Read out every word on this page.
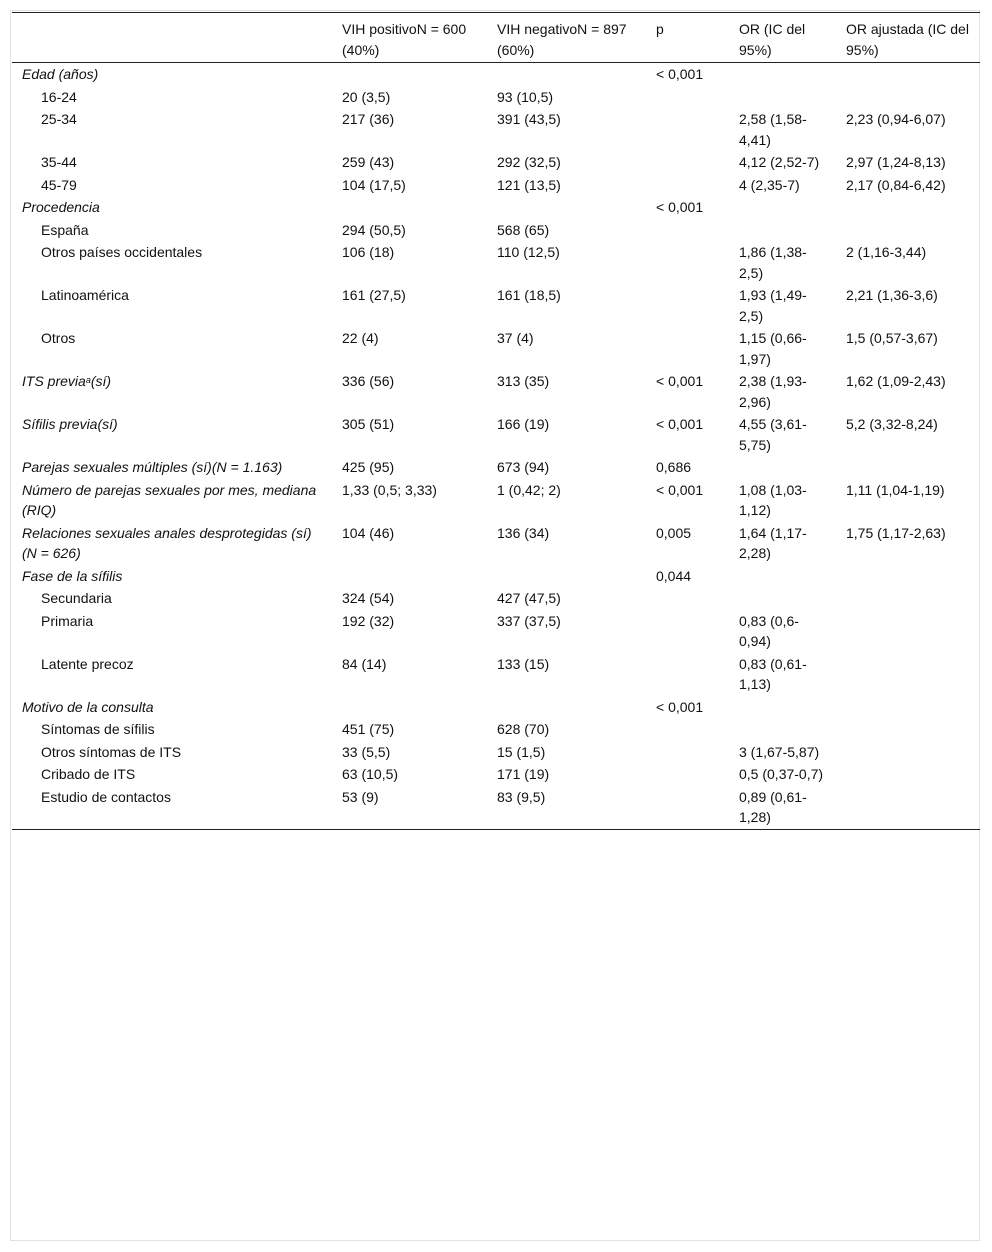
	VIH positivoN = 600 (40%)	VIH negativoN = 897 (60%)	p	OR (IC del 95%)	OR ajustada (IC del 95%)
Edad (años)			< 0,001		
16-24	20 (3,5)	93 (10,5)			
25-34	217 (36)	391 (43,5)		2,58 (1,58-4,41)	2,23 (0,94-6,07)
35-44	259 (43)	292 (32,5)		4,12 (2,52-7)	2,97 (1,24-8,13)
45-79	104 (17,5)	121 (13,5)		4 (2,35-7)	2,17 (0,84-6,42)
Procedencia			< 0,001		
España	294 (50,5)	568 (65)			
Otros países occidentales	106 (18)	110 (12,5)		1,86 (1,38-2,5)	2 (1,16-3,44)
Latinoamérica	161 (27,5)	161 (18,5)		1,93 (1,49-2,5)	2,21 (1,36-3,6)
Otros	22 (4)	37 (4)		1,15 (0,66-1,97)	1,5 (0,57-3,67)
ITS previa$^a$(sí)	336 (56)	313 (35)	< 0,001	2,38 (1,93-2,96)	1,62 (1,09-2,43)
Sífilis previa(sí)	305 (51)	166 (19)	< 0,001	4,55 (3,61-5,75)	5,2 (3,32-8,24)
Parejas sexuales múltiples (sí)(N = 1.163)	425 (95)	673 (94)	0,686		
Número de parejas sexuales por mes, mediana (RIQ)	1,33 (0,5; 3,33)	1 (0,42; 2)	< 0,001	1,08 (1,03-1,12)	1,11 (1,04-1,19)
Relaciones sexuales anales desprotegidas (sí)(N = 626)	104 (46)	136 (34)	0,005	1,64 (1,17-2,28)	1,75 (1,17-2,63)
Fase de la sífilis			0,044		
Secundaria	324 (54)	427 (47,5)			
Primaria	192 (32)	337 (37,5)		0,83 (0,6-0,94)	
Latente precoz	84 (14)	133 (15)		0,83 (0,61-1,13)	
Motivo de la consulta			< 0,001		
Síntomas de sífilis	451 (75)	628 (70)			
Otros síntomas de ITS	33 (5,5)	15 (1,5)		3 (1,67-5,87)	
Cribado de ITS	63 (10,5)	171 (19)		0,5 (0,37-0,7)	
Estudio de contactos	53 (9)	83 (9,5)		0,89 (0,61-1,28)	
